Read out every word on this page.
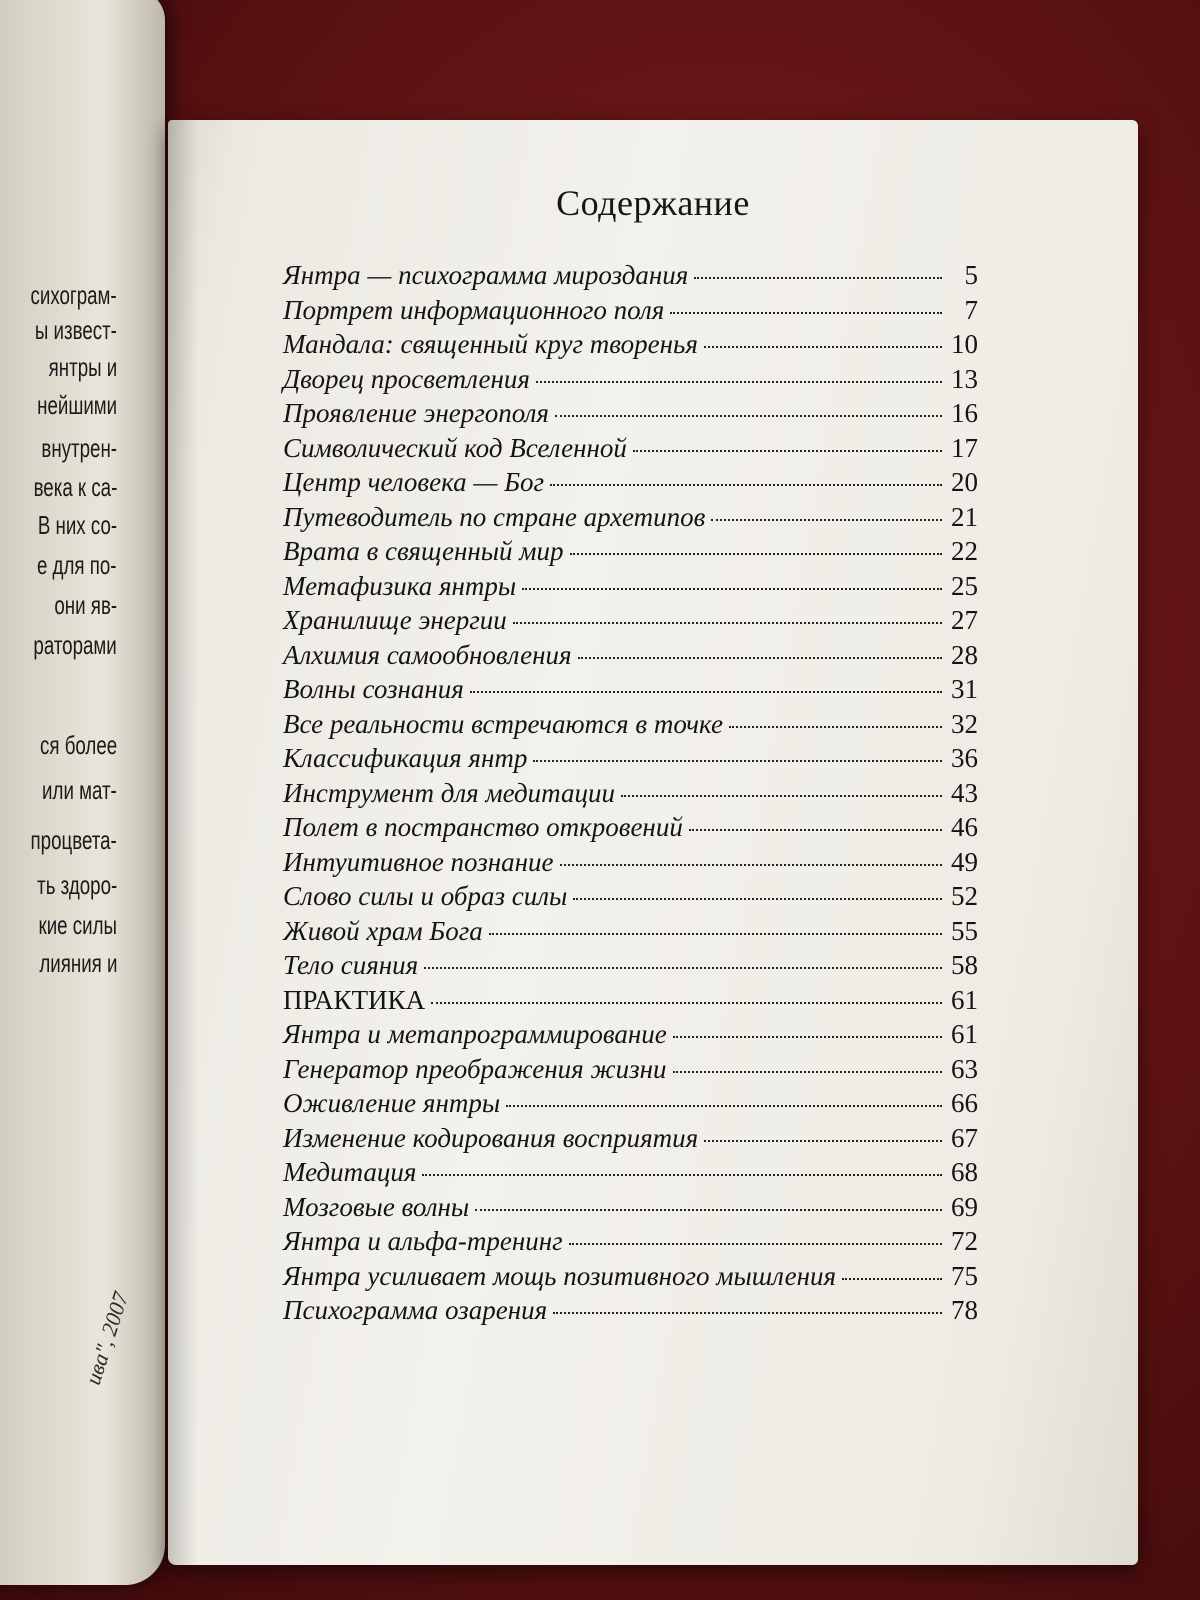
сихограм-
ы извест-
янтры и
нейшими
внутрен-
века к са-
В них со-
е для по-
они яв-
раторами
ся более
или мат-
процвета-
ть здоро-
кие силы
лияния и
ива", 2007
Содержание
Янтра — психограмма мироздания	5
Портрет информационного поля	7
Мандала: священный круг творенья	10
Дворец просветления	13
Проявление энергополя	16
Символический код Вселенной	17
Центр человека — Бог	20
Путеводитель по стране архетипов	21
Врата в священный мир	22
Метафизика янтры	25
Хранилище энергии	27
Алхимия самообновления	28
Волны сознания	31
Все реальности встречаются в точке	32
Классификация янтр	36
Инструмент для медитации	43
Полет в постранство откровений	46
Интуитивное познание	49
Слово силы и образ силы	52
Живой храм Бога	55
Тело сияния	58
ПРАКТИКА	61
Янтра и метапрограммирование	61
Генератор преображения жизни	63
Оживление янтры	66
Изменение кодирования восприятия	67
Медитация	68
Мозговые волны	69
Янтра и альфа-тренинг	72
Янтра усиливает мощь позитивного мышления	75
Психограмма озарения	78
